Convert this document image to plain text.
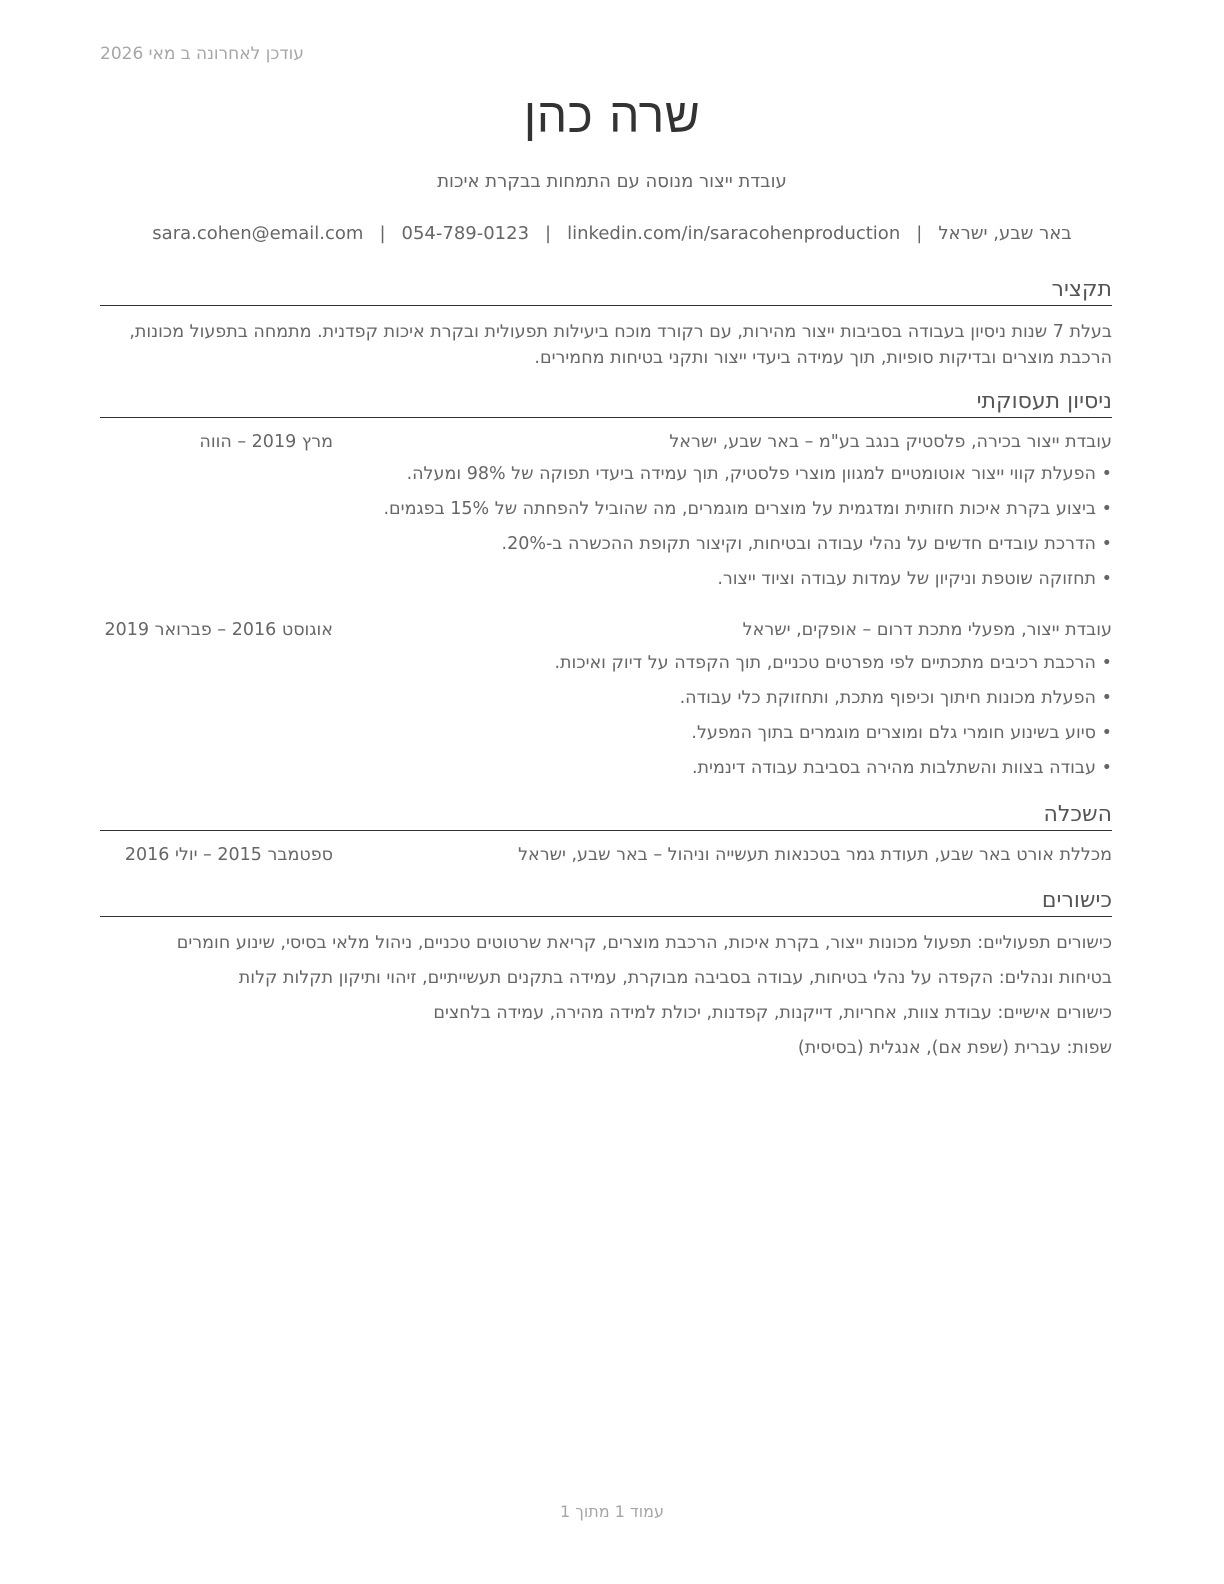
עודכן לאחרונה ב מאי 2026
שרה כהן
עובדת ייצור מנוסה עם התמחות בבקרת איכות
באר שבע, ישראל|sara.cohen@email.com | 054-789-0123 | linkedin.com/in/saracohenproduction
תקציר
בעלת 7 שנות ניסיון בעבודה בסביבות ייצור מהירות, עם רקורד מוכח ביעילות תפעולית ובקרת איכות קפדנית. מתמחה בתפעול מכונות, הרכבת מוצרים ובדיקות סופיות, תוך עמידה ביעדי ייצור ותקני בטיחות מחמירים.
ניסיון תעסוקתי
עובדת ייצור בכירה, פלסטיק בנגב בע"מ – באר שבע, ישראל
מרץ 2019 – הווה
•הפעלת קווי ייצור אוטומטיים למגוון מוצרי פלסטיק, תוך עמידה ביעדי תפוקה של 98% ומעלה.
•ביצוע בקרת איכות חזותית ומדגמית על מוצרים מוגמרים, מה שהוביל להפחתה של 15% בפגמים.
•הדרכת עובדים חדשים על נהלי עבודה ובטיחות, וקיצור תקופת ההכשרה ב-20%.
•תחזוקה שוטפת וניקיון של עמדות עבודה וציוד ייצור.
עובדת ייצור, מפעלי מתכת דרום – אופקים, ישראל
אוגוסט 2016 – פברואר 2019
•הרכבת רכיבים מתכתיים לפי מפרטים טכניים, תוך הקפדה על דיוק ואיכות.
•הפעלת מכונות חיתוך וכיפוף מתכת, ותחזוקת כלי עבודה.
•סיוע בשינוע חומרי גלם ומוצרים מוגמרים בתוך המפעל.
•עבודה בצוות והשתלבות מהירה בסביבת עבודה דינמית.
השכלה
מכללת אורט באר שבע, תעודת גמר בטכנאות תעשייה וניהול – באר שבע, ישראל
ספטמבר 2015 – יולי 2016
כישורים
כישורים תפעוליים: תפעול מכונות ייצור, בקרת איכות, הרכבת מוצרים, קריאת שרטוטים טכניים, ניהול מלאי בסיסי, שינוע חומרים
בטיחות ונהלים: הקפדה על נהלי בטיחות, עבודה בסביבה מבוקרת, עמידה בתקנים תעשייתיים, זיהוי ותיקון תקלות קלות
כישורים אישיים: עבודת צוות, אחריות, דייקנות, קפדנות, יכולת למידה מהירה, עמידה בלחצים
שפות: עברית (שפת אם), אנגלית (בסיסית)
עמוד 1 מתוך 1
